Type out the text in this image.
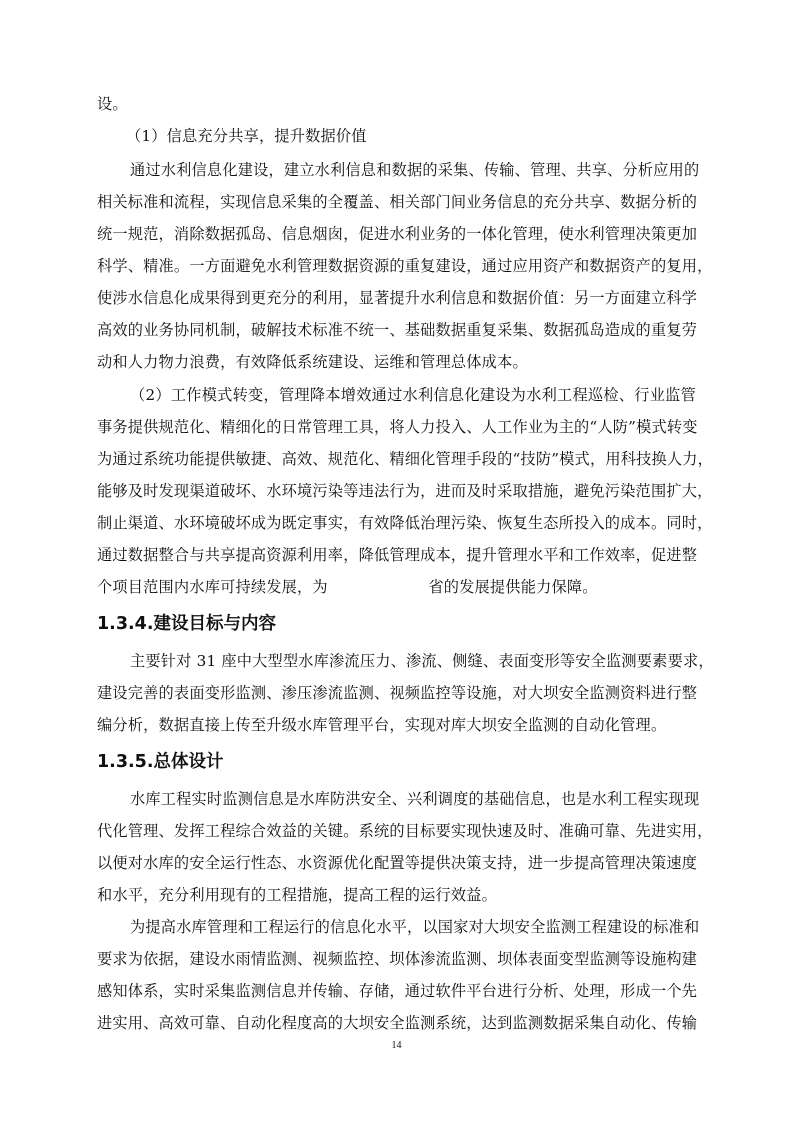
设。
（1）信息充分共享，提升数据价值
通过水利信息化建设，建立水利信息和数据的采集、传输、管理、共享、分析应用的
相关标准和流程，实现信息采集的全覆盖、相关部门间业务信息的充分共享、数据分析的
统一规范，消除数据孤岛、信息烟囱，促进水利业务的一体化管理，使水利管理决策更加
科学、精准。一方面避免水利管理数据资源的重复建设，通过应用资产和数据资产的复用，
使涉水信息化成果得到更充分的利用，显著提升水利信息和数据价值：另一方面建立科学
高效的业务协同机制，破解技术标准不统一、基础数据重复采集、数据孤岛造成的重复劳
动和人力物力浪费，有效降低系统建设、运维和管理总体成本。
（2）工作模式转变，管理降本增效通过水利信息化建设为水利工程巡检、行业监管
事务提供规范化、精细化的日常管理工具，将人力投入、人工作业为主的“人防”模式转变
为通过系统功能提供敏捷、高效、规范化、精细化管理手段的“技防”模式，用科技换人力，
能够及时发现渠道破坏、水环境污染等违法行为，进而及时采取措施，避免污染范围扩大，
制止渠道、水环境破坏成为既定事实，有效降低治理污染、恢复生态所投入的成本。同时，
通过数据整合与共享提高资源利用率，降低管理成本，提升管理水平和工作效率，促进整
个项目范围内水库可持续发展，为                    省的发展提供能力保障。
1.3.4.建设目标与内容
主要针对 31 座中大型型水库渗流压力、渗流、侧缝、表面变形等安全监测要素要求，
建设完善的表面变形监测、渗压渗流监测、视频监控等设施，对大坝安全监测资料进行整
编分析，数据直接上传至升级水库管理平台，实现对库大坝安全监测的自动化管理。
1.3.5.总体设计
水库工程实时监测信息是水库防洪安全、兴利调度的基础信息，也是水利工程实现现
代化管理、发挥工程综合效益的关键。系统的目标要实现快速及时、准确可靠、先进实用，
以便对水库的安全运行性态、水资源优化配置等提供决策支持，进一步提高管理决策速度
和水平，充分利用现有的工程措施，提高工程的运行效益。
为提高水库管理和工程运行的信息化水平，以国家对大坝安全监测工程建设的标准和
要求为依据，建设水雨情监测、视频监控、坝体渗流监测、坝体表面变型监测等设施构建
感知体系，实时采集监测信息并传输、存储，通过软件平台进行分析、处理，形成一个先
进实用、高效可靠、自动化程度高的大坝安全监测系统，达到监测数据采集自动化、传输
14
